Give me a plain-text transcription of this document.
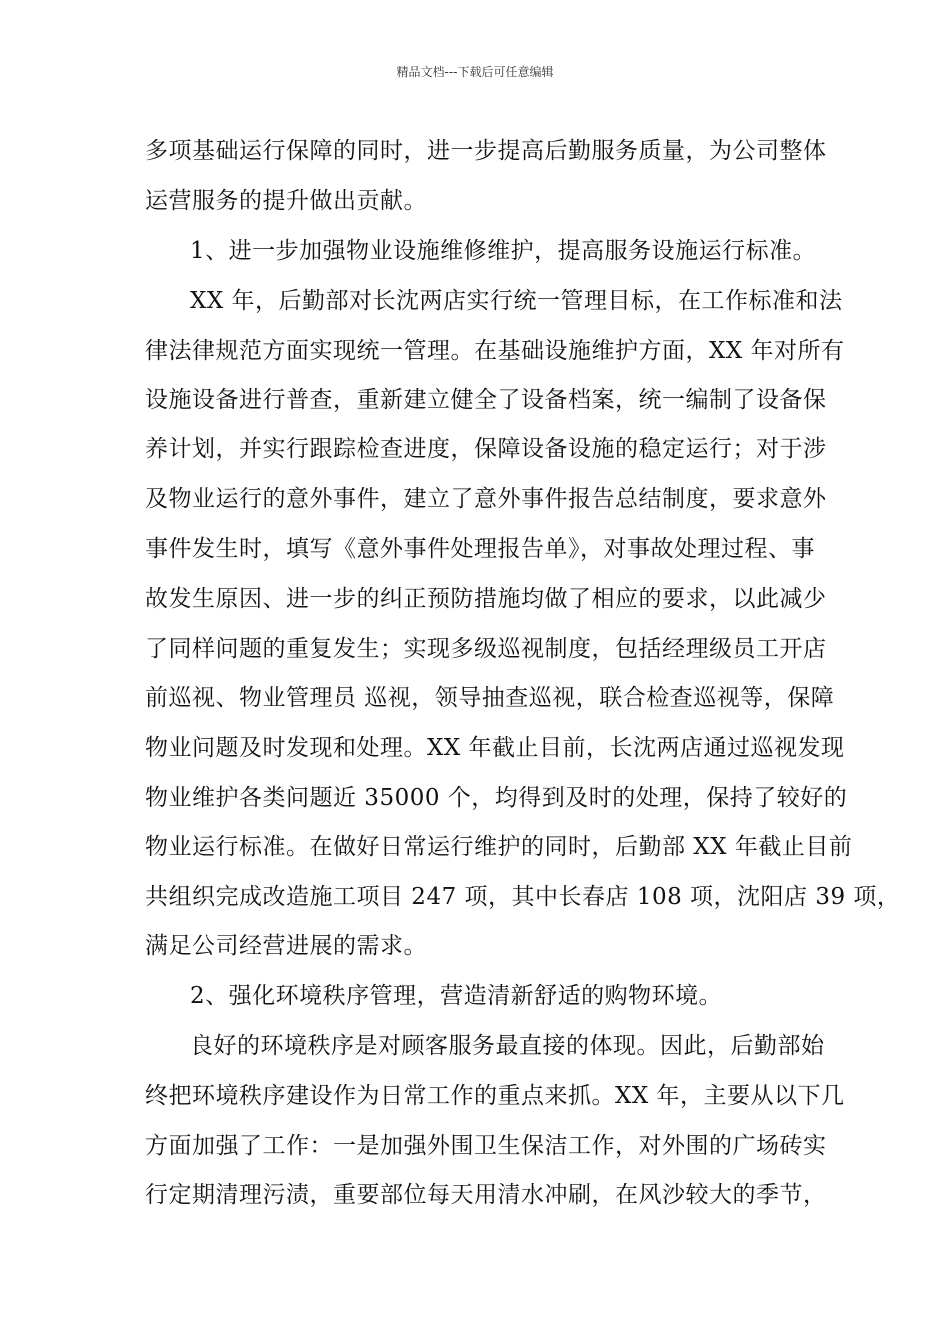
精品文档---下载后可任意编辑
多项基础运行保障的同时，进一步提高后勤服务质量，为公司整体
运营服务的提升做出贡献。
1、进一步加强物业设施维修维护，提高服务设施运行标准。
XX 年，后勤部对长沈两店实行统一管理目标，在工作标准和法
律法律规范方面实现统一管理。在基础设施维护方面，XX 年对所有
设施设备进行普查，重新建立健全了设备档案，统一编制了设备保
养计划，并实行跟踪检查进度，保障设备设施的稳定运行；对于涉
及物业运行的意外事件，建立了意外事件报告总结制度，要求意外
事件发生时，填写《意外事件处理报告单》，对事故处理过程、事
故发生原因、进一步的纠正预防措施均做了相应的要求，以此减少
了同样问题的重复发生；实现多级巡视制度，包括经理级员工开店
前巡视、物业管理员 巡视，领导抽查巡视，联合检查巡视等，保障
物业问题及时发现和处理。XX 年截止目前，长沈两店通过巡视发现
物业维护各类问题近 35000 个，均得到及时的处理，保持了较好的
物业运行标准。在做好日常运行维护的同时，后勤部 XX 年截止目前
共组织完成改造施工项目 247 项，其中长春店 108 项，沈阳店 39 项，
满足公司经营进展的需求。
2、强化环境秩序管理，营造清新舒适的购物环境。
良好的环境秩序是对顾客服务最直接的体现。因此，后勤部始
终把环境秩序建设作为日常工作的重点来抓。XX 年，主要从以下几
方面加强了工作：一是加强外围卫生保洁工作，对外围的广场砖实
行定期清理污渍，重要部位每天用清水冲刷，在风沙较大的季节，
